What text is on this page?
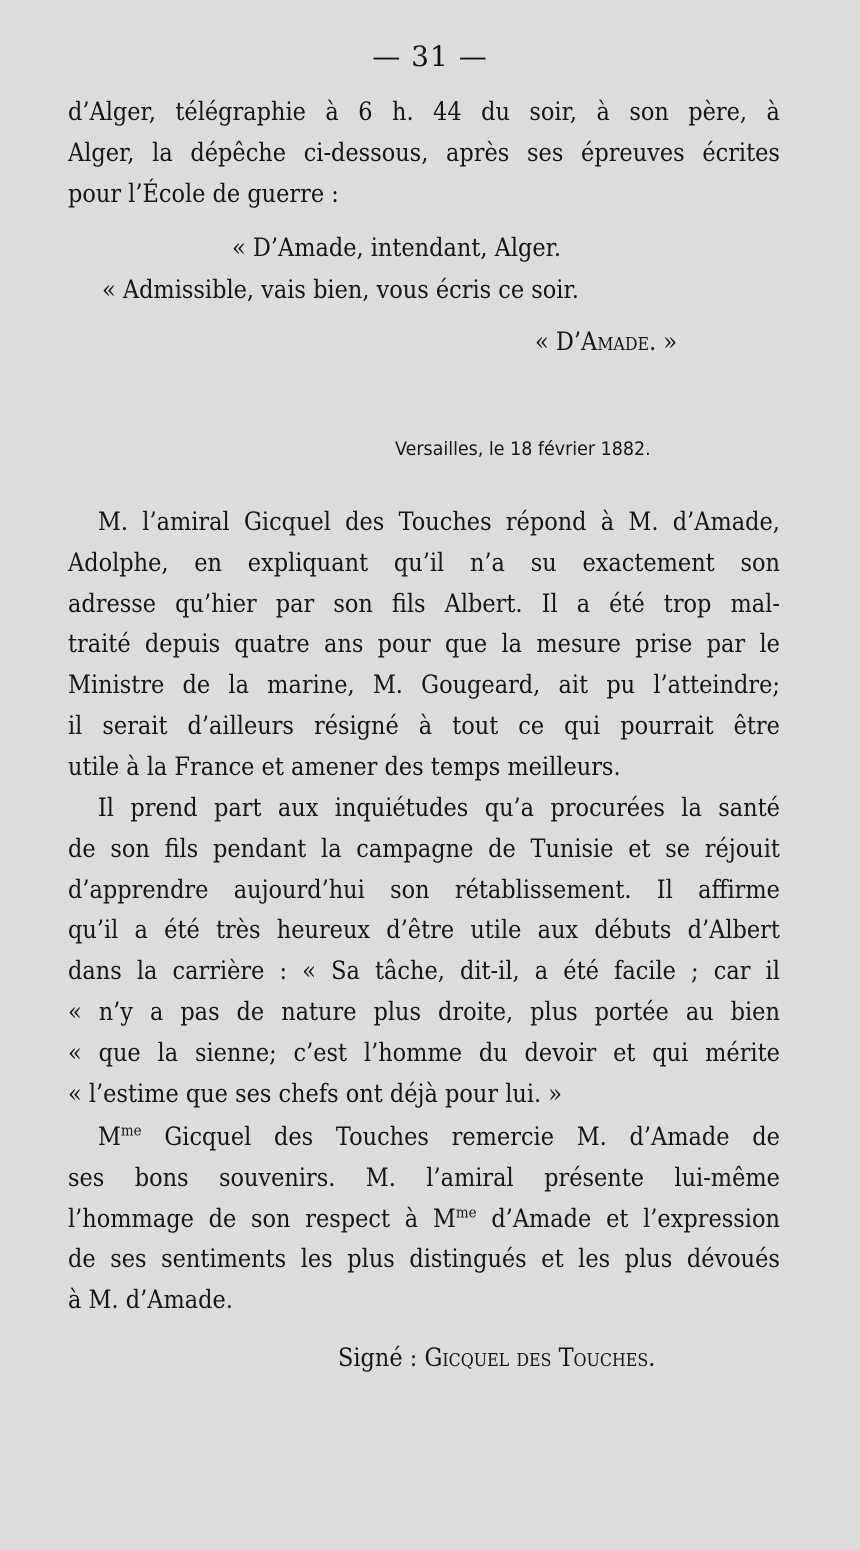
— 31 —
d’Alger, télégraphie à 6 h. 44 du soir, à son père, à
Alger, la dépêche ci-dessous, après ses épreuves écrites
pour l’École de guerre :
« D’Amade, intendant, Alger.
« Admissible, vais bien, vous écris ce soir.
« D’Amade. »
Versailles, le 18 février 1882.
M. l’amiral Gicquel des Touches répond à M. d’Amade,
Adolphe, en expliquant qu’il n’a su exactement son
adresse qu’hier par son fils Albert. Il a été trop mal-
traité depuis quatre ans pour que la mesure prise par le
Ministre de la marine, M. Gougeard, ait pu l’atteindre;
il serait d’ailleurs résigné à tout ce qui pourrait être
utile à la France et amener des temps meilleurs.
Il prend part aux inquiétudes qu’a procurées la santé
de son fils pendant la campagne de Tunisie et se réjouit
d’apprendre aujourd’hui son rétablissement. Il affirme
qu’il a été très heureux d’être utile aux débuts d’Albert
dans la carrière : « Sa tâche, dit-il, a été facile ; car il
« n’y a pas de nature plus droite, plus portée au bien
« que la sienne; c’est l’homme du devoir et qui mérite
« l’estime que ses chefs ont déjà pour lui. »
$M^{me}$ Gicquel des Touches remercie M. d’Amade de
ses bons souvenirs. M. l’amiral présente lui-même
l’hommage de son respect à $M^{me}$ d’Amade et l’expression
de ses sentiments les plus distingués et les plus dévoués
à M. d’Amade.
Signé : Gicquel des Touches.
